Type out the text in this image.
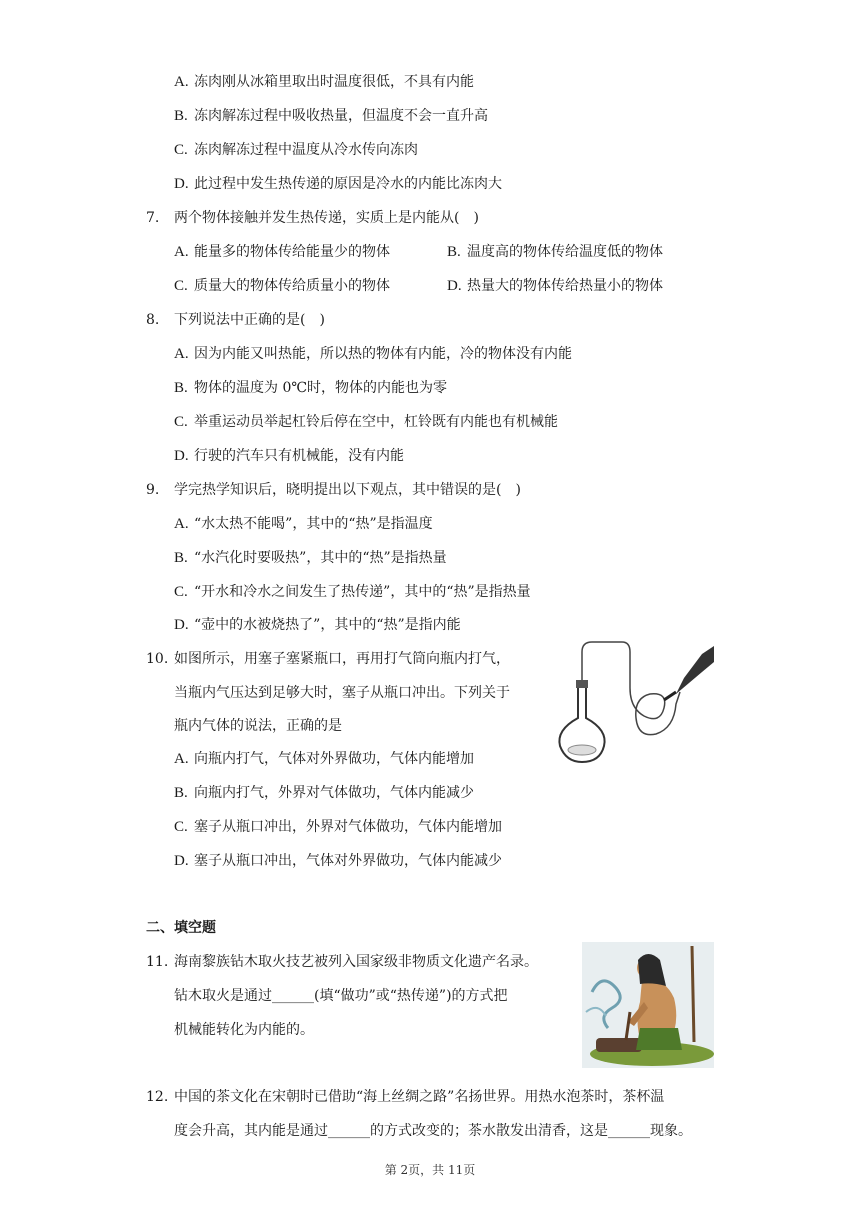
A. 冻肉刚从冰箱里取出时温度很低，不具有内能
B. 冻肉解冻过程中吸收热量，但温度不会一直升高
C. 冻肉解冻过程中温度从冷水传向冻肉
D. 此过程中发生热传递的原因是冷水的内能比冻肉大
7. 两个物体接触并发生热传递，实质上是内能从(　)
A. 能量多的物体传给能量少的物体	B. 温度高的物体传给温度低的物体
C. 质量大的物体传给质量小的物体	D. 热量大的物体传给热量小的物体
8. 下列说法中正确的是(　)
A. 因为内能又叫热能，所以热的物体有内能，冷的物体没有内能
B. 物体的温度为 0℃时，物体的内能也为零
C. 举重运动员举起杠铃后停在空中，杠铃既有内能也有机械能
D. 行驶的汽车只有机械能，没有内能
9. 学完热学知识后，晓明提出以下观点，其中错误的是(　)
A. “水太热不能喝”，其中的“热”是指温度
B. “水汽化时要吸热”，其中的“热”是指热量
C. “开水和冷水之间发生了热传递”，其中的“热”是指热量
D. “壶中的水被烧热了”，其中的“热”是指内能
10. 如图所示，用塞子塞紧瓶口，再用打气筒向瓶内打气，
当瓶内气压达到足够大时，塞子从瓶口冲出。下列关于
瓶内气体的说法，正确的是
A. 向瓶内打气，气体对外界做功，气体内能增加
B. 向瓶内打气，外界对气体做功，气体内能减少
C. 塞子从瓶口冲出，外界对气体做功，气体内能增加
D. 塞子从瓶口冲出，气体对外界做功，气体内能减少
二、填空题
11. 海南黎族钻木取火技艺被列入国家级非物质文化遗产名录。
钻木取火是通过______(填“做功”或“热传递”)的方式把
机械能转化为内能的。
12. 中国的茶文化在宋朝时已借助“海上丝绸之路”名扬世界。用热水泡茶时，茶杯温
度会升高，其内能是通过______的方式改变的；茶水散发出清香，这是______现象。
第 2页，共 11页
